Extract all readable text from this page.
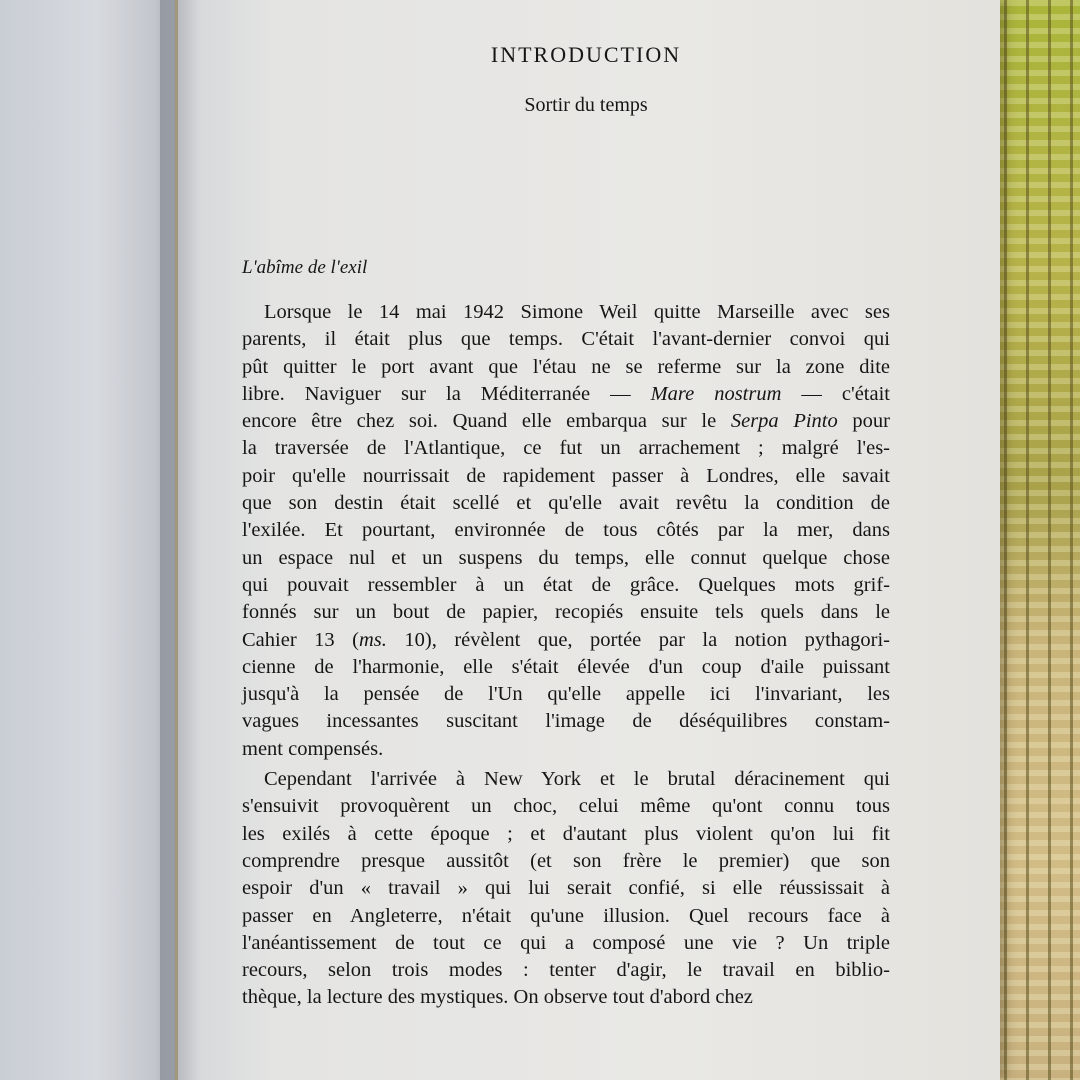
INTRODUCTION
Sortir du temps
L'abîme de l'exil

Lorsque le 14 mai 1942 Simone Weil quitte Marseille avec ses
parents, il était plus que temps. C'était l'avant-dernier convoi qui
pût quitter le port avant que l'étau ne se referme sur la zone dite
libre. Naviguer sur la Méditerranée — Mare nostrum — c'était
encore être chez soi. Quand elle embarqua sur le Serpa Pinto pour
la traversée de l'Atlantique, ce fut un arrachement ; malgré l'es-
poir qu'elle nourrissait de rapidement passer à Londres, elle savait
que son destin était scellé et qu'elle avait revêtu la condition de
l'exilée. Et pourtant, environnée de tous côtés par la mer, dans
un espace nul et un suspens du temps, elle connut quelque chose
qui pouvait ressembler à un état de grâce. Quelques mots grif-
fonnés sur un bout de papier, recopiés ensuite tels quels dans le
Cahier 13 (ms. 10), révèlent que, portée par la notion pythagori-
cienne de l'harmonie, elle s'était élevée d'un coup d'aile puissant
jusqu'à la pensée de l'Un qu'elle appelle ici l'invariant, les
vagues incessantes suscitant l'image de déséquilibres constam-
ment compensés.

Cependant l'arrivée à New York et le brutal déracinement qui
s'ensuivit provoquèrent un choc, celui même qu'ont connu tous
les exilés à cette époque ; et d'autant plus violent qu'on lui fit
comprendre presque aussitôt (et son frère le premier) que son
espoir d'un « travail » qui lui serait confié, si elle réussissait à
passer en Angleterre, n'était qu'une illusion. Quel recours face à
l'anéantissement de tout ce qui a composé une vie ? Un triple
recours, selon trois modes : tenter d'agir, le travail en biblio-
thèque, la lecture des mystiques. On observe tout d'abord chez
